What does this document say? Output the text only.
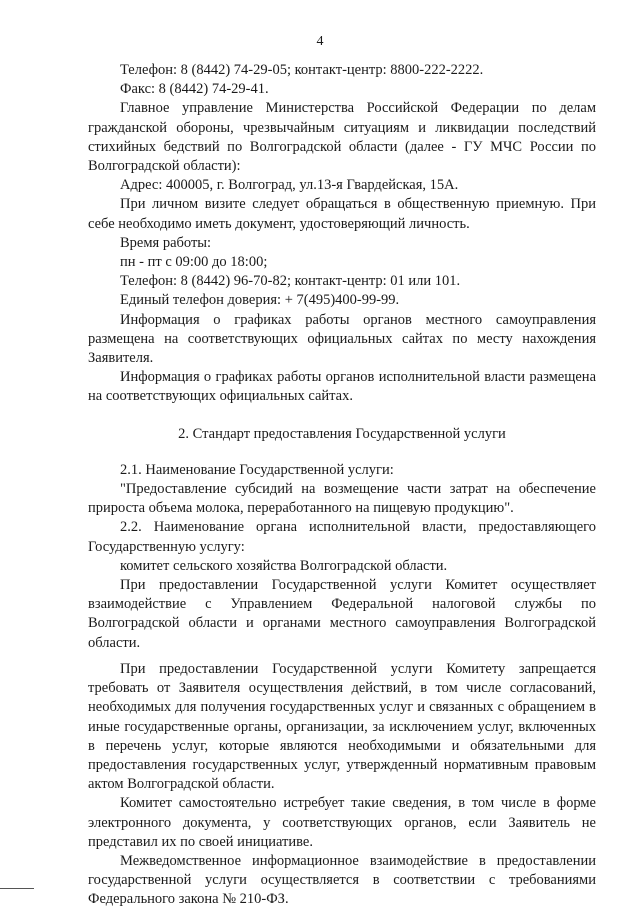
4

Телефон: 8 (8442) 74-29-05; контакт-центр: 8800-222-2222.

Факс: 8 (8442) 74-29-41.

Главное управление Министерства Российской Федерации по делам гражданской обороны, чрезвычайным ситуациям и ликвидации последствий стихийных бедствий по Волгоградской области (далее - ГУ МЧС России по Волгоградской области):

Адрес: 400005, г. Волгоград, ул.13-я Гвардейская, 15А.

При личном визите следует обращаться в общественную приемную. При себе необходимо иметь документ, удостоверяющий личность.

Время работы:

пн - пт с 09:00 до 18:00;

Телефон: 8 (8442) 96-70-82; контакт-центр: 01 или 101.

Единый телефон доверия: + 7(495)400-99-99.

Информация о графиках работы органов местного самоуправления размещена на соответствующих официальных сайтах по месту нахождения Заявителя.

Информация о графиках работы органов исполнительной власти размещена на соответствующих официальных сайтах.

2. Стандарт предоставления Государственной услуги

2.1. Наименование Государственной услуги:

"Предоставление субсидий на возмещение части затрат на обеспечение прироста объема молока, переработанного на пищевую продукцию".

2.2. Наименование органа исполнительной власти, предоставляющего Государственную услугу:

комитет сельского хозяйства Волгоградской области.

При предоставлении Государственной услуги Комитет осуществляет взаимодействие с Управлением Федеральной налоговой службы по Волгоградской области и органами местного самоуправления Волгоградской области.

При предоставлении Государственной услуги Комитету запрещается требовать от Заявителя осуществления действий, в том числе согласований, необходимых для получения государственных услуг и связанных с обращением в иные государственные органы, организации, за исключением услуг, включенных в перечень услуг, которые являются необходимыми и обязательными для предоставления государственных услуг, утвержденный нормативным правовым актом Волгоградской области.

Комитет самостоятельно истребует такие сведения, в том числе в форме электронного документа, у соответствующих органов, если Заявитель не представил их по своей инициативе.

Межведомственное информационное взаимодействие в предоставлении государственной услуги осуществляется в соответствии с требованиями Федерального закона № 210-ФЗ.
